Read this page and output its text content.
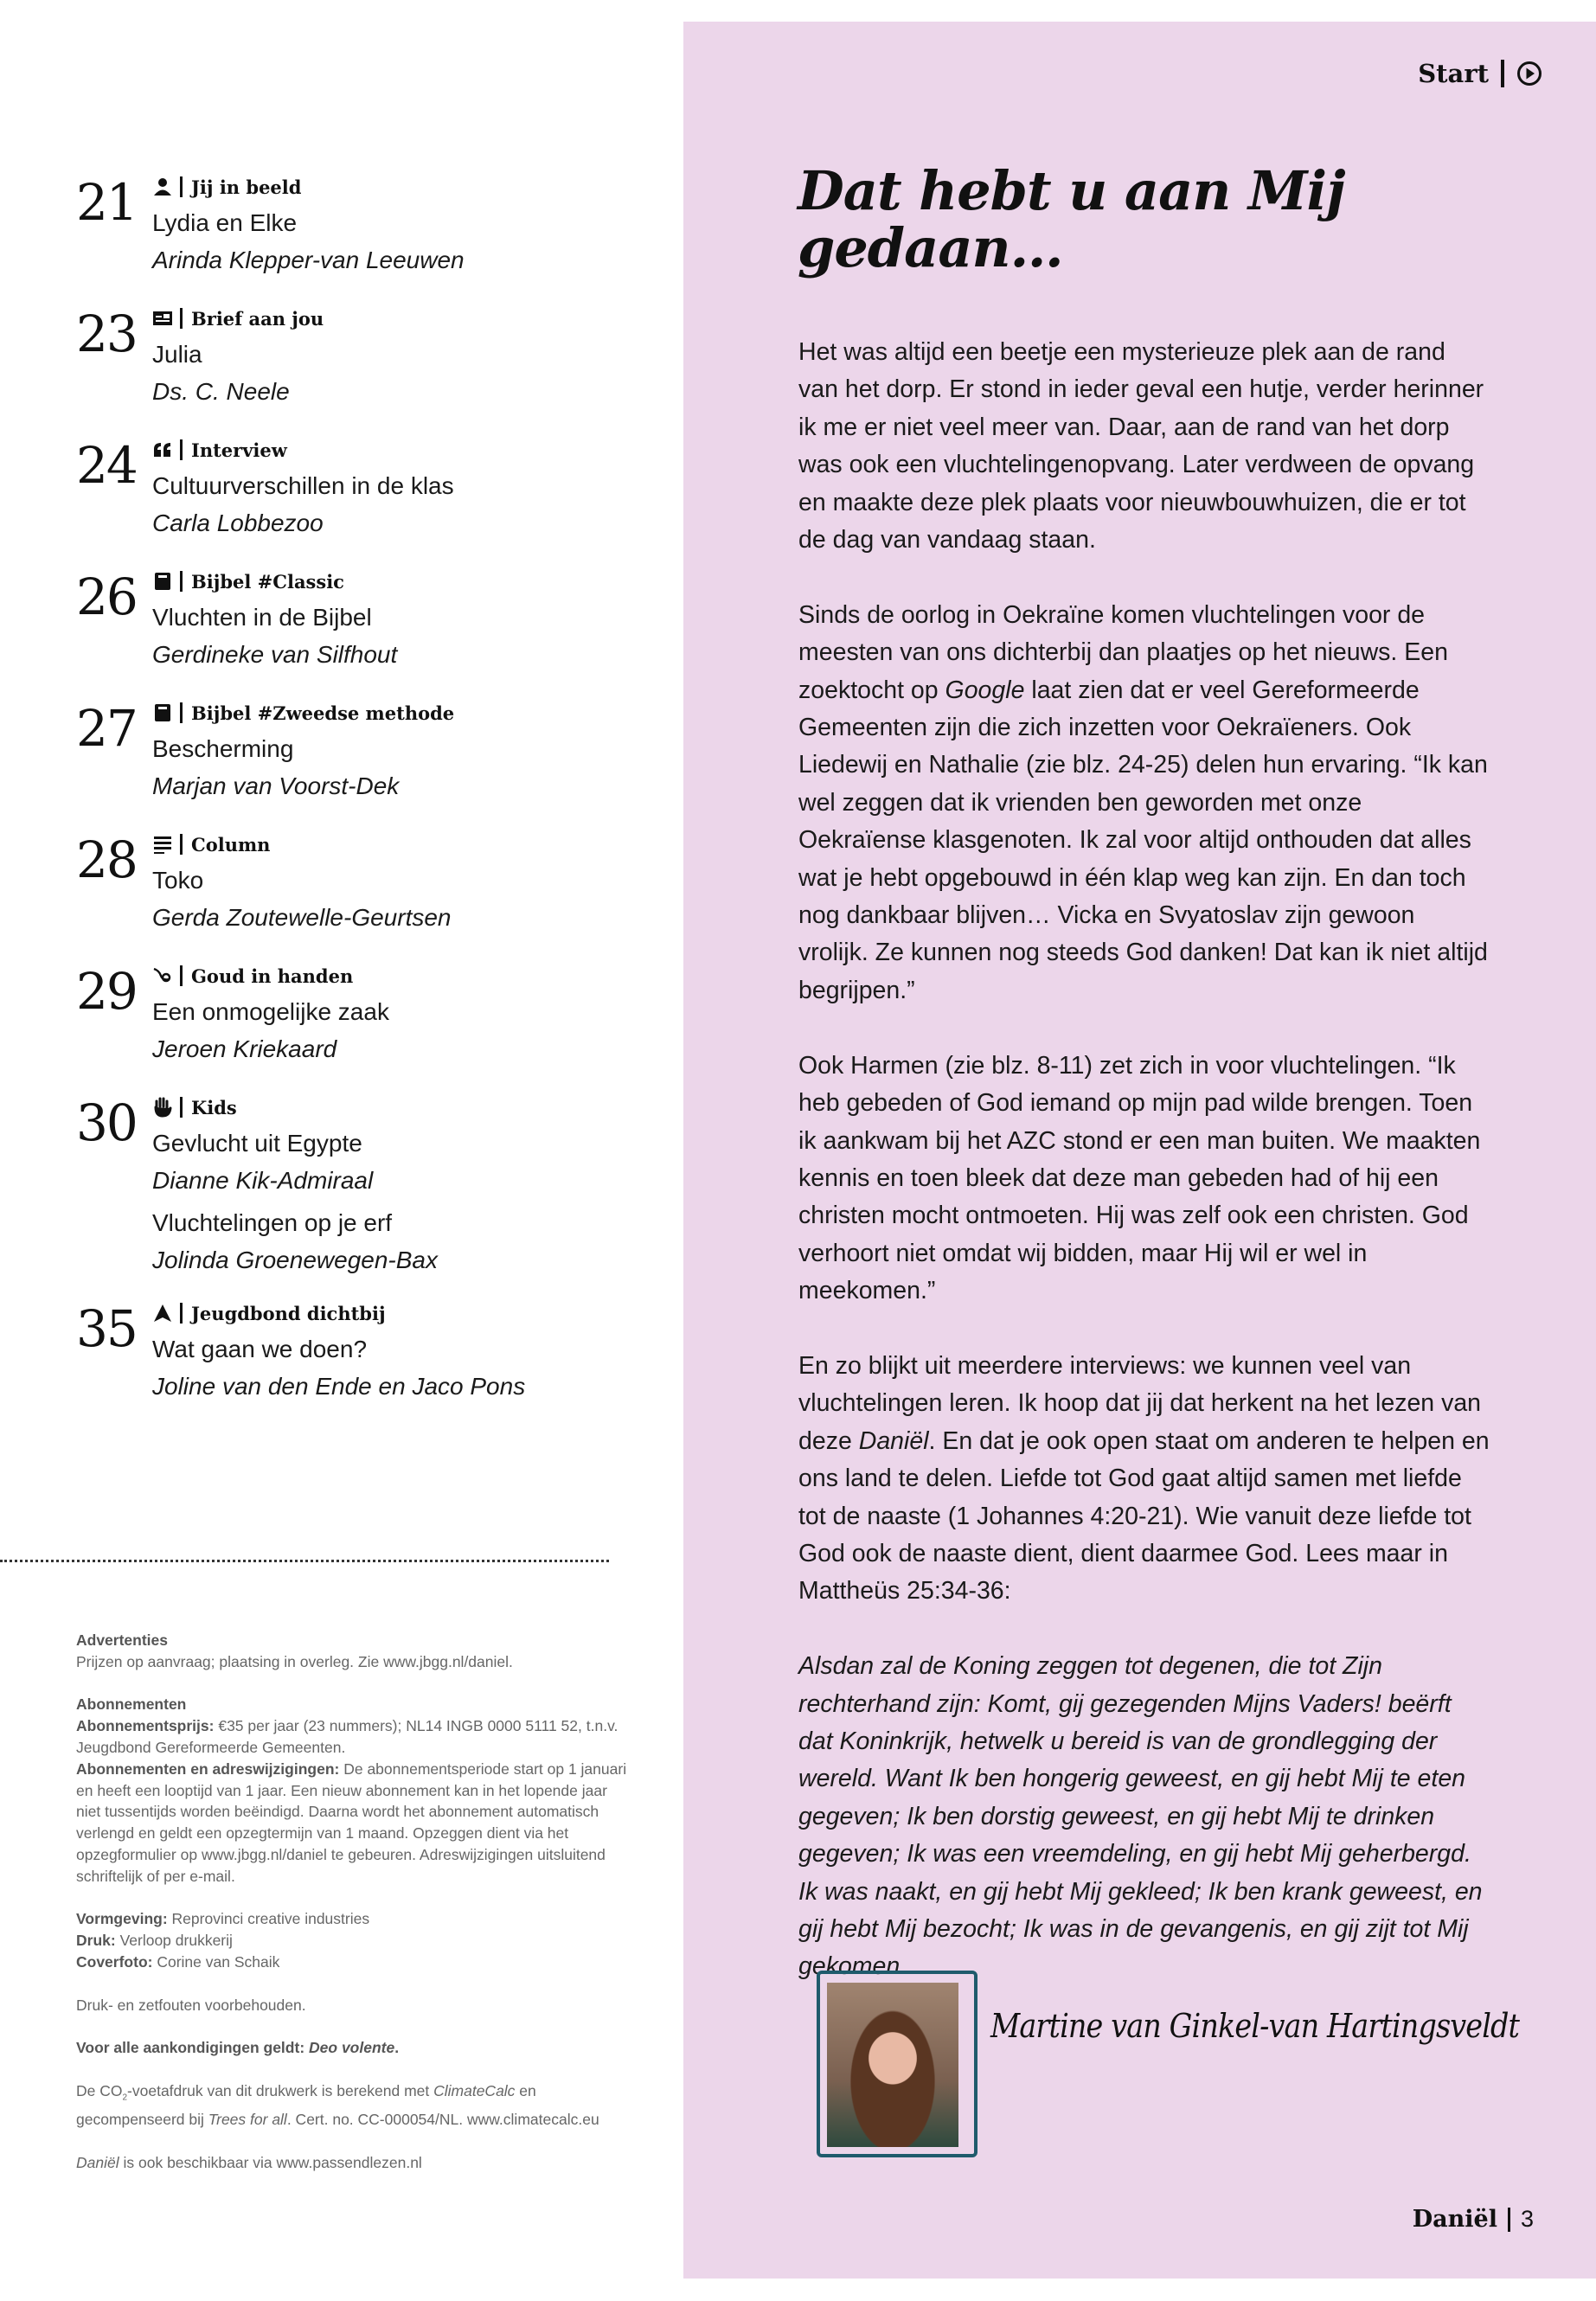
Start
21	Jij in beeld
Lydia en Elke
Arinda Klepper-van Leeuwen
23	Brief aan jou
Julia
Ds. C. Neele
24	Interview
Cultuurverschillen in de klas
Carla Lobbezoo
26	Bijbel #Classic
Vluchten in de Bijbel
Gerdineke van Silfhout
27	Bijbel #Zweedse methode
Bescherming
Marjan van Voorst-Dek
28	Column
Toko
Gerda Zoutewelle-Geurtsen
29	Goud in handen
Een onmogelijke zaak
Jeroen Kriekaard
30	Kids
Gevlucht uit Egypte
Dianne Kik-Admiraal
Vluchtelingen op je erf
Jolinda Groenewegen-Bax
35	Jeugdbond dichtbij
Wat gaan we doen?
Joline van den Ende en Jaco Pons

Advertenties
Prijzen op aanvraag; plaatsing in overleg. Zie www.jbgg.nl/daniel.

Abonnementen
Abonnementsprijs: €35 per jaar (23 nummers); NL14 INGB 0000 5111 52, t.n.v. Jeugdbond Gereformeerde Gemeenten.
Abonnementen en adreswijzigingen: De abonnementsperiode start op 1 januari en heeft een looptijd van 1 jaar. Een nieuw abonnement kan in het lopende jaar niet tussentijds worden beëindigd. Daarna wordt het abonnement automatisch verlengd en geldt een opzegtermijn van 1 maand. Opzeggen dient via het opzegformulier op www.jbgg.nl/daniel te gebeuren. Adreswijzigingen uitsluitend schriftelijk of per e-mail.

Vormgeving: Reprovinci creative industries
Druk: Verloop drukkerij
Coverfoto: Corine van Schaik

Druk- en zetfouten voorbehouden.

Voor alle aankondigingen geldt: Deo volente.

De $CO_2$-voetafdruk van dit drukwerk is berekend met ClimateCalc en gecompenseerd bij Trees for all. Cert. no. CC-000054/NL. www.climatecalc.eu

Daniël is ook beschikbaar via www.passendlezen.nl

Dat hebt u aan Mij gedaan…

Het was altijd een beetje een mysterieuze plek aan de rand van het dorp. Er stond in ieder geval een hutje, verder herinner ik me er niet veel meer van. Daar, aan de rand van het dorp was ook een vluchtelingenopvang. Later verdween de opvang en maakte deze plek plaats voor nieuwbouwhuizen, die er tot de dag van vandaag staan.

Sinds de oorlog in Oekraïne komen vluchtelingen voor de meesten van ons dichterbij dan plaatjes op het nieuws. Een zoektocht op Google laat zien dat er veel Gereformeerde Gemeenten zijn die zich inzetten voor Oekraïeners. Ook Liedewij en Nathalie (zie blz. 24-25) delen hun ervaring. “Ik kan wel zeggen dat ik vrienden ben geworden met onze Oekraïense klasgenoten. Ik zal voor altijd onthouden dat alles wat je hebt opgebouwd in één klap weg kan zijn. En dan toch nog dankbaar blijven… Vicka en Svyatoslav zijn gewoon vrolijk. Ze kunnen nog steeds God danken! Dat kan ik niet altijd begrijpen.”

Ook Harmen (zie blz. 8-11) zet zich in voor vluchtelingen. “Ik heb gebeden of God iemand op mijn pad wilde brengen. Toen ik aankwam bij het AZC stond er een man buiten. We maakten kennis en toen bleek dat deze man gebeden had of hij een christen mocht ontmoeten. Hij was zelf ook een christen. God verhoort niet omdat wij bidden, maar Hij wil er wel in meekomen.”

En zo blijkt uit meerdere interviews: we kunnen veel van vluchtelingen leren. Ik hoop dat jij dat herkent na het lezen van deze Daniël. En dat je ook open staat om anderen te helpen en ons land te delen. Liefde tot God gaat altijd samen met liefde tot de naaste (1 Johannes 4:20-21). Wie vanuit deze liefde tot God ook de naaste dient, dient daarmee God. Lees maar in Mattheüs 25:34-36:

Alsdan zal de Koning zeggen tot degenen, die tot Zijn rechterhand zijn: Komt, gij gezegenden Mijns Vaders! beërft dat Koninkrijk, hetwelk u bereid is van de grondlegging der wereld. Want Ik ben hongerig geweest, en gij hebt Mij te eten gegeven; Ik ben dorstig geweest, en gij hebt Mij te drinken gegeven; Ik was een vreemdeling, en gij hebt Mij geherbergd. Ik was naakt, en gij hebt Mij gekleed; Ik ben krank geweest, en gij hebt Mij bezocht; Ik was in de gevangenis, en gij zijt tot Mij gekomen.

Martine van Ginkel-van Hartingsveldt
Daniël 3
